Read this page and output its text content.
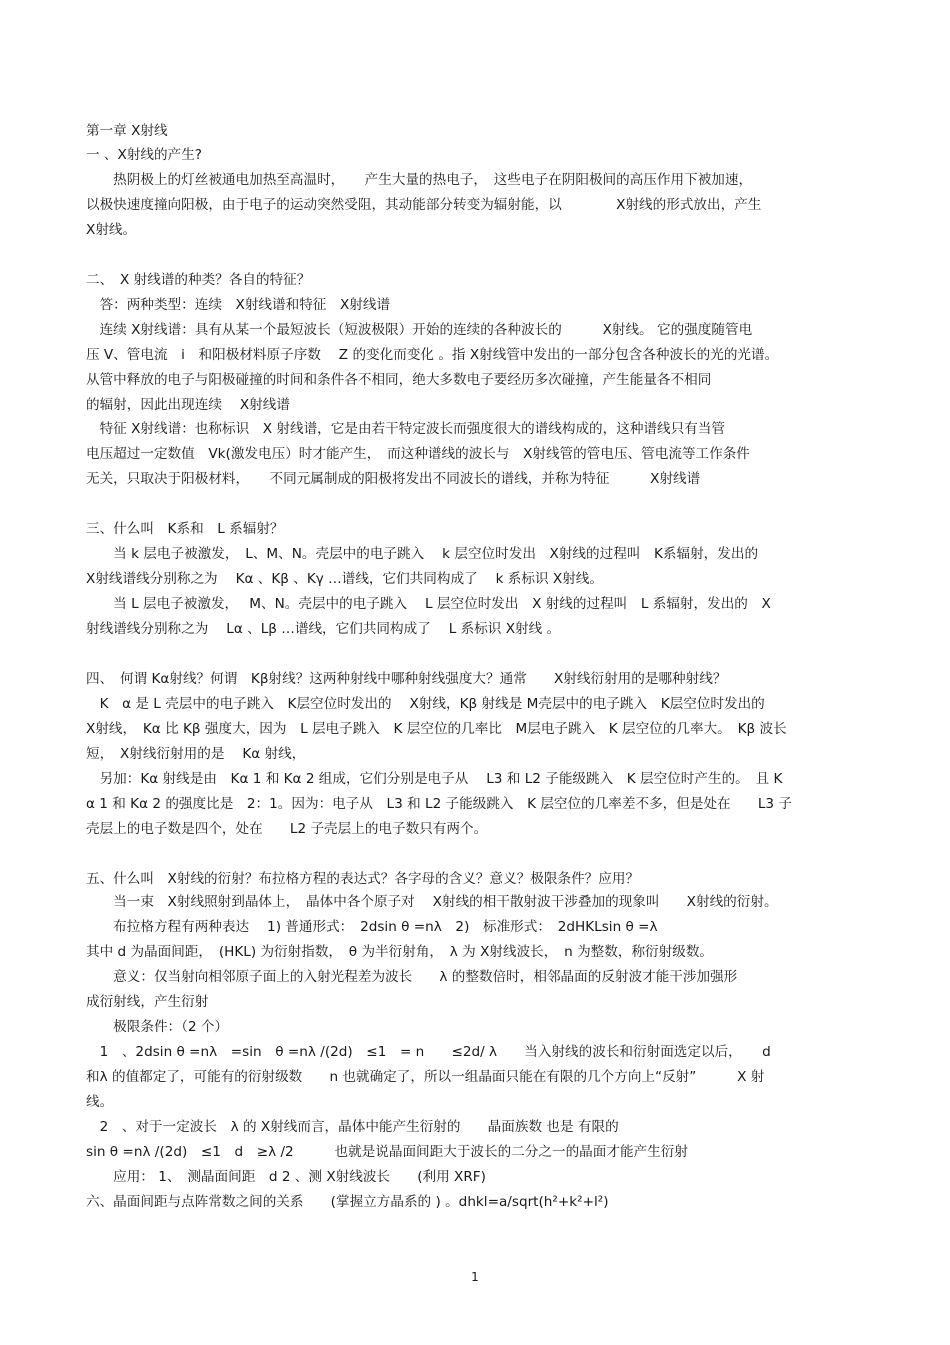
第一章 X射线
一 、X射线的产生?
　　热阴极上的灯丝被通电加热至高温时，　　产生大量的热电子，　这些电子在阴阳极间的高压作用下被加速，
以极快速度撞向阳极，由于电子的运动突然受阻，其动能部分转变为辐射能，以　　　　X射线的形式放出，产生
X射线。
二、　X 射线谱的种类？各自的特征？
　答：两种类型：连续　X射线谱和特征　X射线谱
　连续 X射线谱：具有从某一个最短波长（短波极限）开始的连续的各种波长的　　　X射线。 它的强度随管电
压 V、管电流　i　和阳极材料原子序数　 Z 的变化而变化 。指 X射线管中发出的一部分包含各种波长的光的光谱。
从管中释放的电子与阳极碰撞的时间和条件各不相同，绝大多数电子要经历多次碰撞，产生能量各不相同
的辐射，因此出现连续　 X射线谱
　特征 X射线谱：也称标识　X 射线谱，它是由若干特定波长而强度很大的谱线构成的，这种谱线只有当管
电压超过一定数值　Vk(激发电压）时才能产生，　而这种谱线的波长与　X射线管的管电压、管电流等工作条件
无关，只取决于阳极材料，　　不同元属制成的阳极将发出不同波长的谱线，并称为特征　　　X射线谱
三、什么叫　K系和　L 系辐射？
　　当 k 层电子被激发，　L、M、N。壳层中的电子跳入　 k 层空位时发出　X射线的过程叫　K系辐射，发出的
X射线谱线分别称之为　 Kα 、Kβ 、Kγ …谱线，它们共同构成了　 k 系标识 X射线。
　　当 L 层电子被激发，　 M、N。壳层中的电子跳入　 L 层空位时发出　X 射线的过程叫　L 系辐射，发出的　X
射线谱线分别称之为　 Lα 、Lβ …谱线，它们共同构成了　 L 系标识 X射线 。
四、　何谓 Kα射线？何谓　Kβ射线？这两种射线中哪种射线强度大？通常　　X射线衍射用的是哪种射线？
　K　α 是 L 壳层中的电子跳入　K层空位时发出的　 X射线，Kβ 射线是 M壳层中的电子跳入　K层空位时发出的
X射线，　Kα 比 Kβ 强度大，因为　L 层电子跳入　K 层空位的几率比　M层电子跳入　K 层空位的几率大。　Kβ 波长
短，　X射线衍射用的是　 Kα 射线，
　另加：Kα 射线是由　Kα 1 和 Kα 2 组成，它们分别是电子从　 L3 和 L2 子能级跳入　K 层空位时产生的。　且 K
α 1 和 Kα 2 的强度比是　2：1。因为：电子从　L3 和 L2 子能级跳入　K 层空位的几率差不多，但是处在　　L3 子
壳层上的电子数是四个，处在　　L2 子壳层上的电子数只有两个。
五、什么叫　X射线的衍射？布拉格方程的表达式？各字母的含义？意义？极限条件？应用？
　　当一束　X射线照射到晶体上，　晶体中各个原子对　 X射线的相干散射波干涉叠加的现象叫　　X射线的衍射。
　　布拉格方程有两种表达　 1) 普通形式：　2dsin θ =nλ　2)　标准形式：　2dHKLsin θ =λ
其中 d 为晶面间距，　(HKL) 为衍射指数，　θ 为半衍射角，　λ 为 X射线波长，　n 为整数，称衍射级数。
　　意义：仅当射向相邻原子面上的入射光程差为波长　　λ 的整数倍时，相邻晶面的反射波才能干涉加强形
成衍射线，产生衍射
　　极限条件：（2 个）
　1　、2dsin θ =nλ　=sin　θ =nλ /(2d)　≤1　= n　　≤2d/ λ　　当入射线的波长和衍射面选定以后，　　d
和λ 的值都定了，可能有的衍射级数　　n 也就确定了，所以一组晶面只能在有限的几个方向上“反射”　　　X 射
线。
　2　、对于一定波长　λ 的 X射线而言，晶体中能产生衍射的　　晶面族数 也是 有限的
sin θ =nλ /(2d)　≤1　d　≥λ /2　　　也就是说晶面间距大于波长的二分之一的晶面才能产生衍射
　　应用： 1、　测晶面间距　d 2 、测 X射线波长　　(利用 XRF)
六、晶面间距与点阵常数之间的关系　　(掌握立方晶系的 ) 。dhkl=a/sqrt(h²+k²+l²)
1
